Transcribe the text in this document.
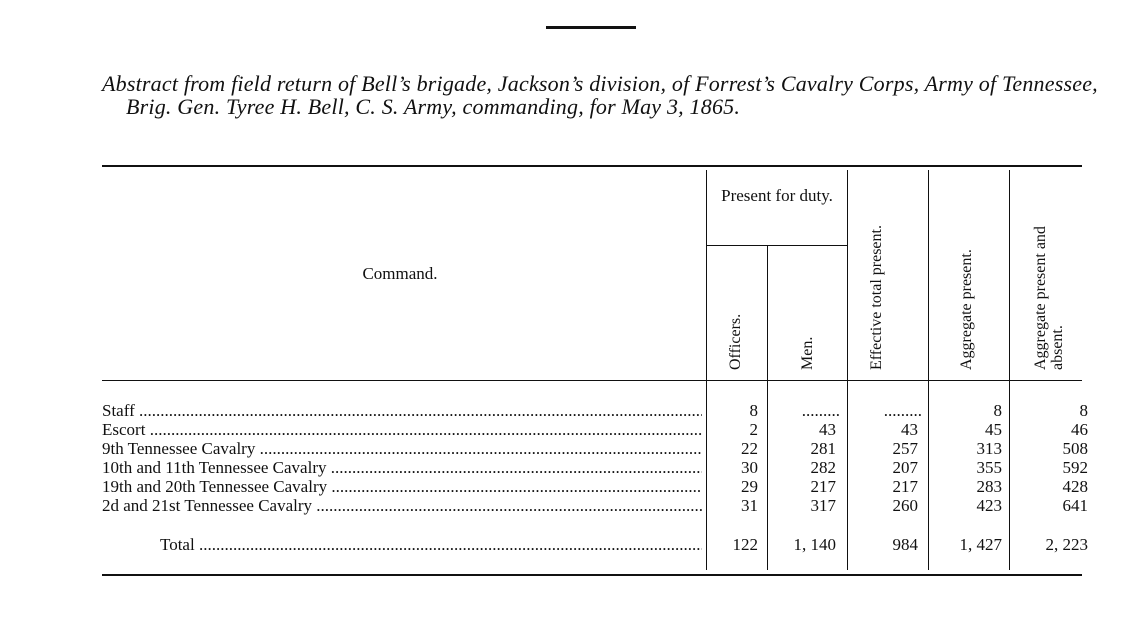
Abstract from field return of Bell’s brigade, Jackson’s division, of Forrest’s Cavalry Corps, Army of Tennessee, Brig. Gen. Tyree H. Bell, C. S. Army, commanding, for May 3, 1865.
Command.
Present for duty.
Officers.	Men.	Effective total present.	Aggregate present.	Aggregate present and absent.
Staff .....	8	.........	.........	8	8
Escort .....	2	43	43	45	46
9th Tennessee Cavalry .....	22	281	257	313	508
10th and 11th Tennessee Cavalry .....	30	282	207	355	592
19th and 20th Tennessee Cavalry .....	29	217	217	283	428
2d and 21st Tennessee Cavalry .....	31	317	260	423	641
Total .....	122	1, 140	984	1, 427	2, 223
